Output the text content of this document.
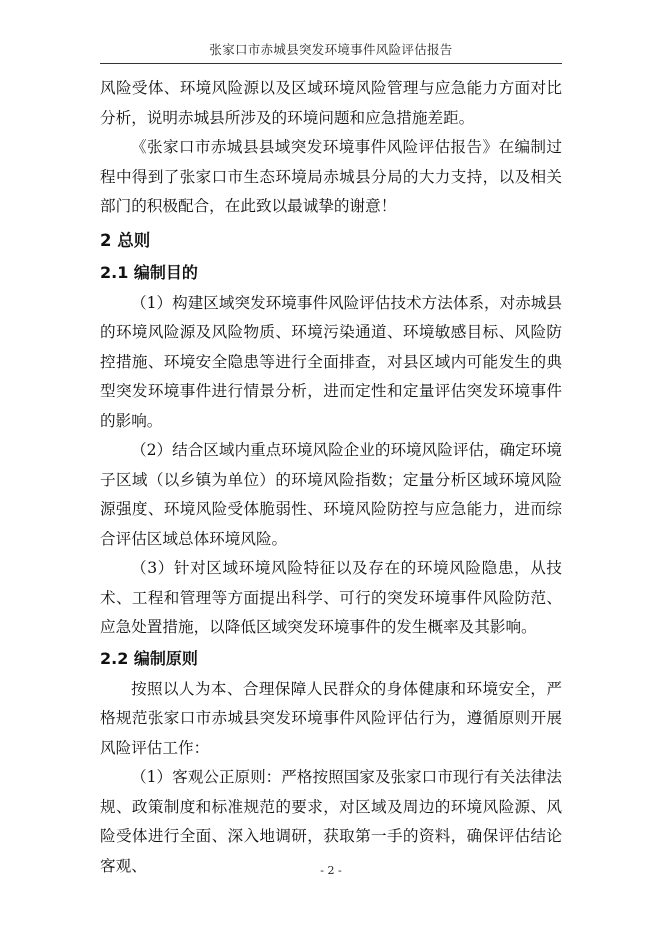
张家口市赤城县突发环境事件风险评估报告

风险受体、环境风险源以及区域环境风险管理与应急能力方面对比分析，说明赤城县所涉及的环境问题和应急措施差距。

《张家口市赤城县县域突发环境事件风险评估报告》在编制过程中得到了张家口市生态环境局赤城县分局的大力支持，以及相关部门的积极配合，在此致以最诚挚的谢意！

2 总则
2.1 编制目的

（1）构建区域突发环境事件风险评估技术方法体系，对赤城县的环境风险源及风险物质、环境污染通道、环境敏感目标、风险防控措施、环境安全隐患等进行全面排查，对县区域内可能发生的典型突发环境事件进行情景分析，进而定性和定量评估突发环境事件的影响。

（2）结合区域内重点环境风险企业的环境风险评估，确定环境子区域（以乡镇为单位）的环境风险指数；定量分析区域环境风险源强度、环境风险受体脆弱性、环境风险防控与应急能力，进而综合评估区域总体环境风险。

（3）针对区域环境风险特征以及存在的环境风险隐患，从技术、工程和管理等方面提出科学、可行的突发环境事件风险防范、应急处置措施，以降低区域突发环境事件的发生概率及其影响。

2.2 编制原则

按照以人为本、合理保障人民群众的身体健康和环境安全，严格规范张家口市赤城县突发环境事件风险评估行为，遵循原则开展风险评估工作：

（1）客观公正原则：严格按照国家及张家口市现行有关法律法规、政策制度和标准规范的要求，对区域及周边的环境风险源、风险受体进行全面、深入地调研，获取第一手的资料，确保评估结论客观、	- 2 -
